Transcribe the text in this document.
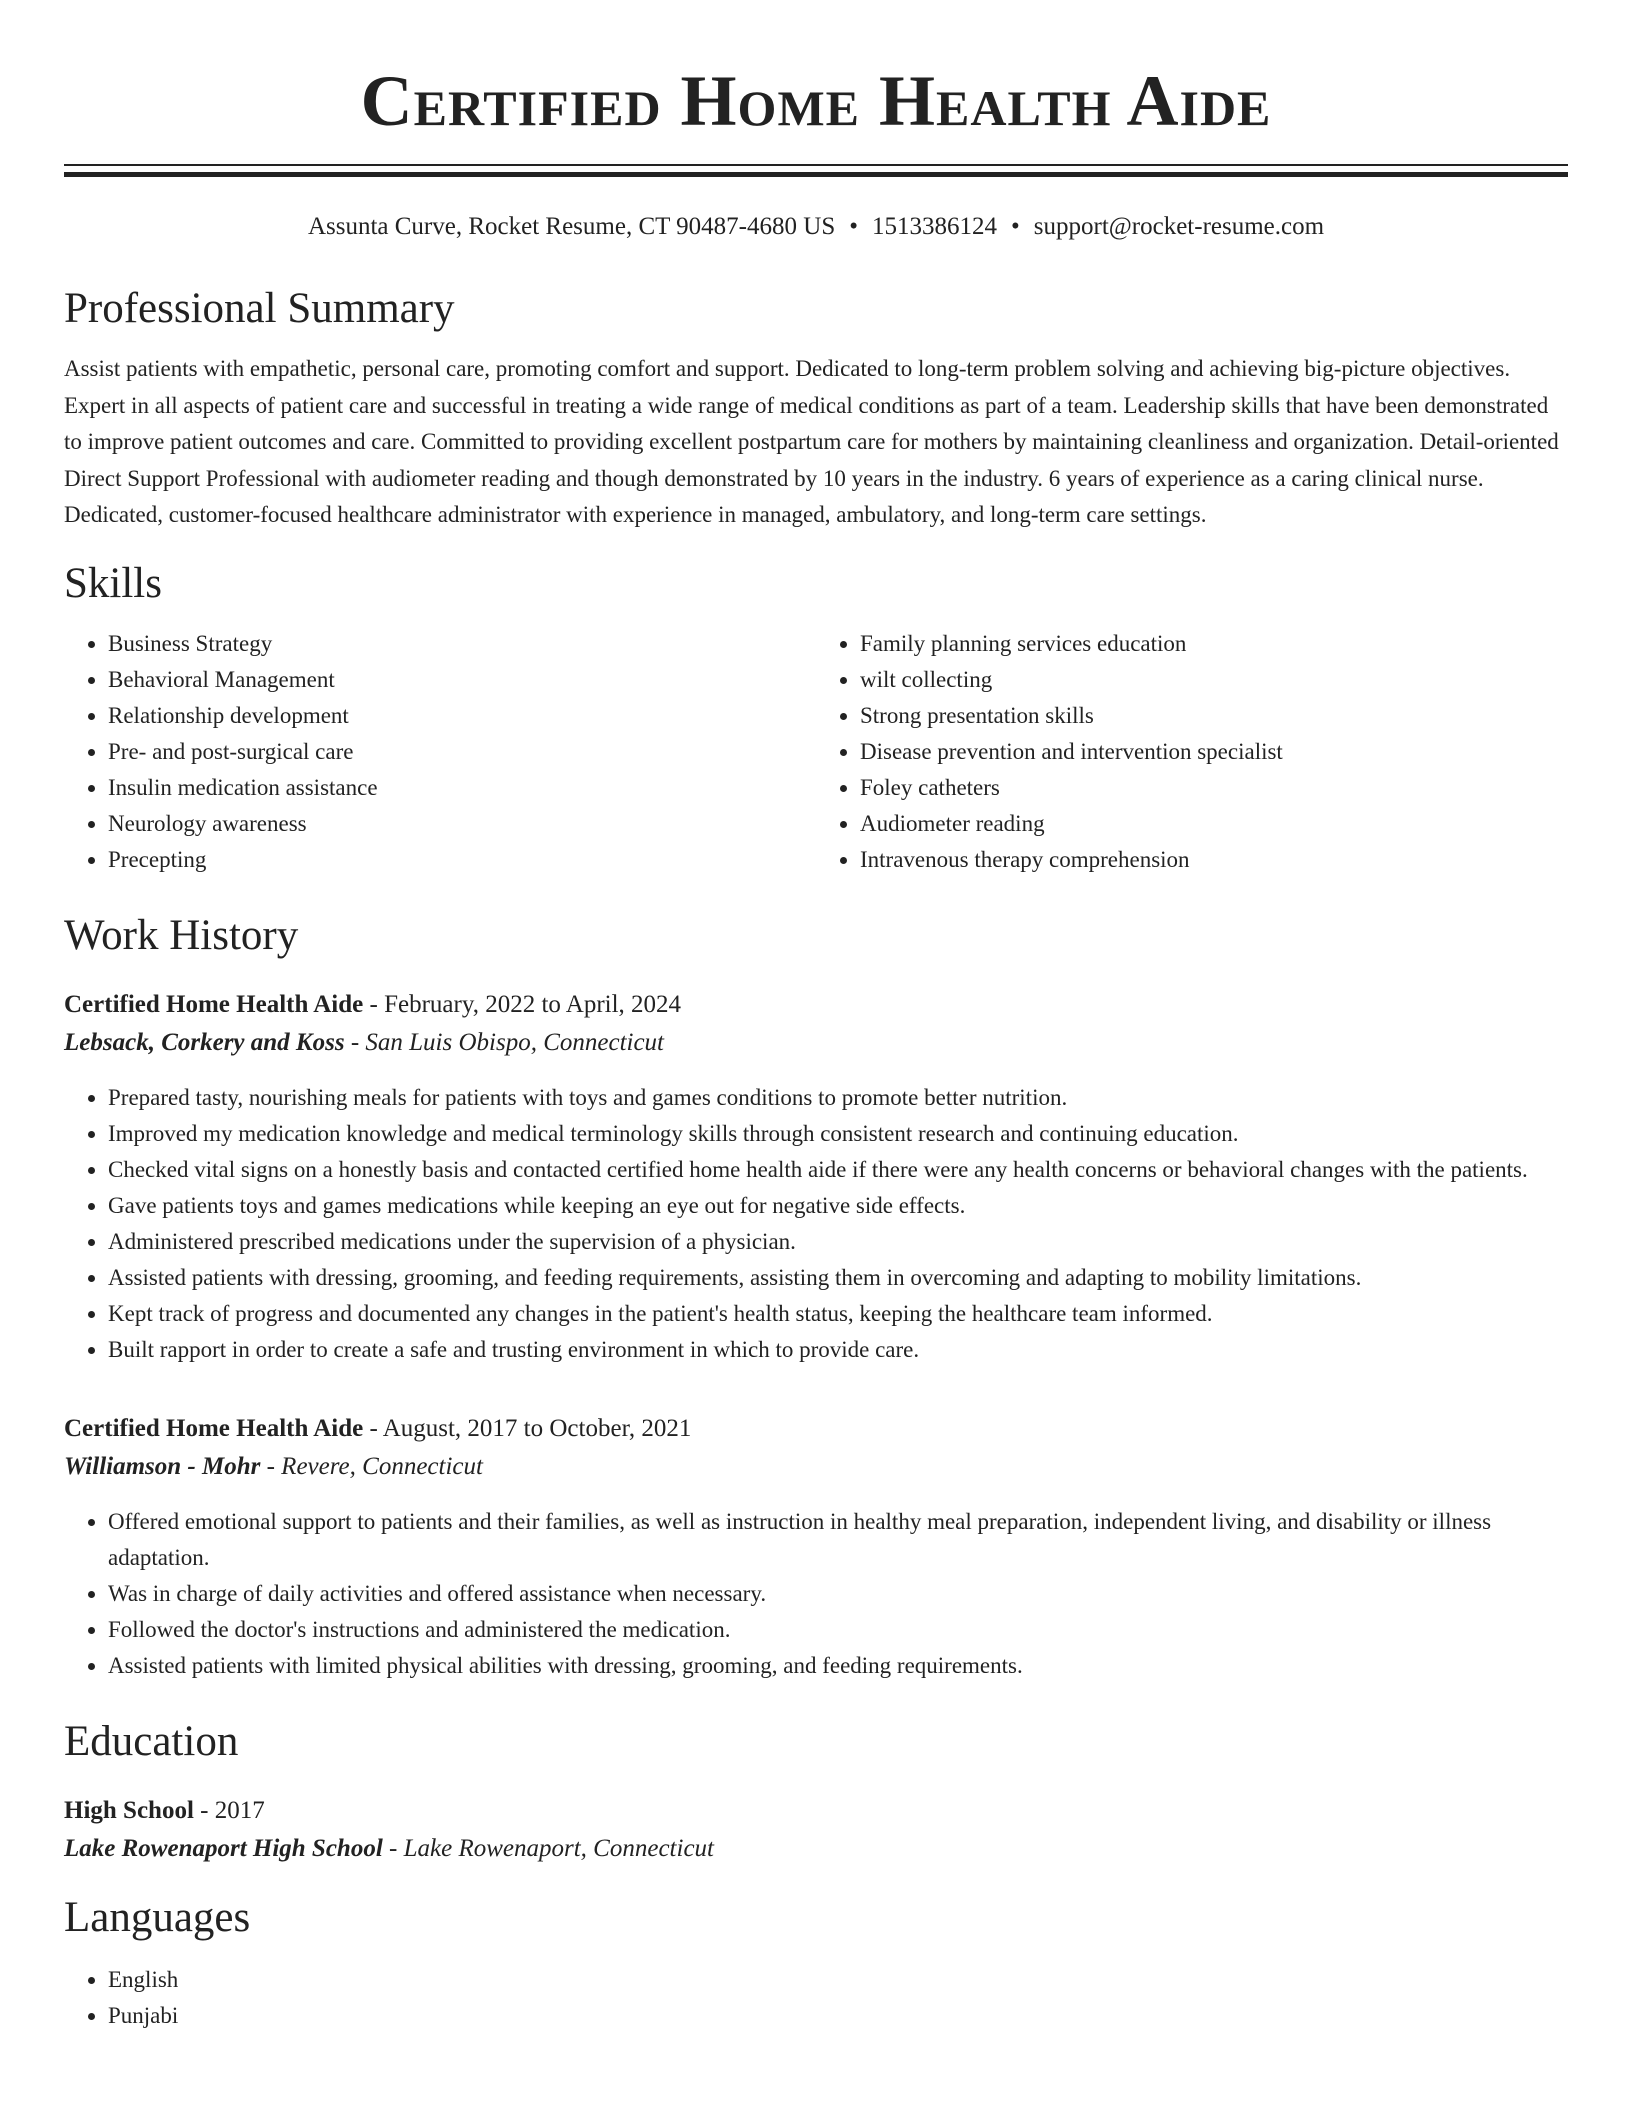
Certified Home Health Aide
Assunta Curve, Rocket Resume, CT 90487-4680 US • 1513386124 • support@rocket-resume.com
Professional Summary

Assist patients with empathetic, personal care, promoting comfort and support. Dedicated to long-term problem solving and achieving big-picture objectives. Expert in all aspects of patient care and successful in treating a wide range of medical conditions as part of a team. Leadership skills that have been demonstrated to improve patient outcomes and care. Committed to providing excellent postpartum care for mothers by maintaining cleanliness and organization. Detail-oriented Direct Support Professional with audiometer reading and though demonstrated by 10 years in the industry. 6 years of experience as a caring clinical nurse. Dedicated, customer-focused healthcare administrator with experience in managed, ambulatory, and long-term care settings.

Skills
• Business Strategy
• Behavioral Management
• Relationship development
• Pre- and post-surgical care
• Insulin medication assistance
• Neurology awareness
• Precepting
• Family planning services education
• wilt collecting
• Strong presentation skills
• Disease prevention and intervention specialist
• Foley catheters
• Audiometer reading
• Intravenous therapy comprehension
Work History
Certified Home Health Aide - February, 2022 to April, 2024
Lebsack, Corkery and Koss - San Luis Obispo, Connecticut
• Prepared tasty, nourishing meals for patients with toys and games conditions to promote better nutrition.
• Improved my medication knowledge and medical terminology skills through consistent research and continuing education.
• Checked vital signs on a honestly basis and contacted certified home health aide if there were any health concerns or behavioral changes with the patients.
• Gave patients toys and games medications while keeping an eye out for negative side effects.
• Administered prescribed medications under the supervision of a physician.
• Assisted patients with dressing, grooming, and feeding requirements, assisting them in overcoming and adapting to mobility limitations.
• Kept track of progress and documented any changes in the patient's health status, keeping the healthcare team informed.
• Built rapport in order to create a safe and trusting environment in which to provide care.
Certified Home Health Aide - August, 2017 to October, 2021
Williamson - Mohr - Revere, Connecticut
• Offered emotional support to patients and their families, as well as instruction in healthy meal preparation, independent living, and disability or illness adaptation.
• Was in charge of daily activities and offered assistance when necessary.
• Followed the doctor's instructions and administered the medication.
• Assisted patients with limited physical abilities with dressing, grooming, and feeding requirements.
Education
High School - 2017
Lake Rowenaport High School - Lake Rowenaport, Connecticut
Languages
• English
• Punjabi
